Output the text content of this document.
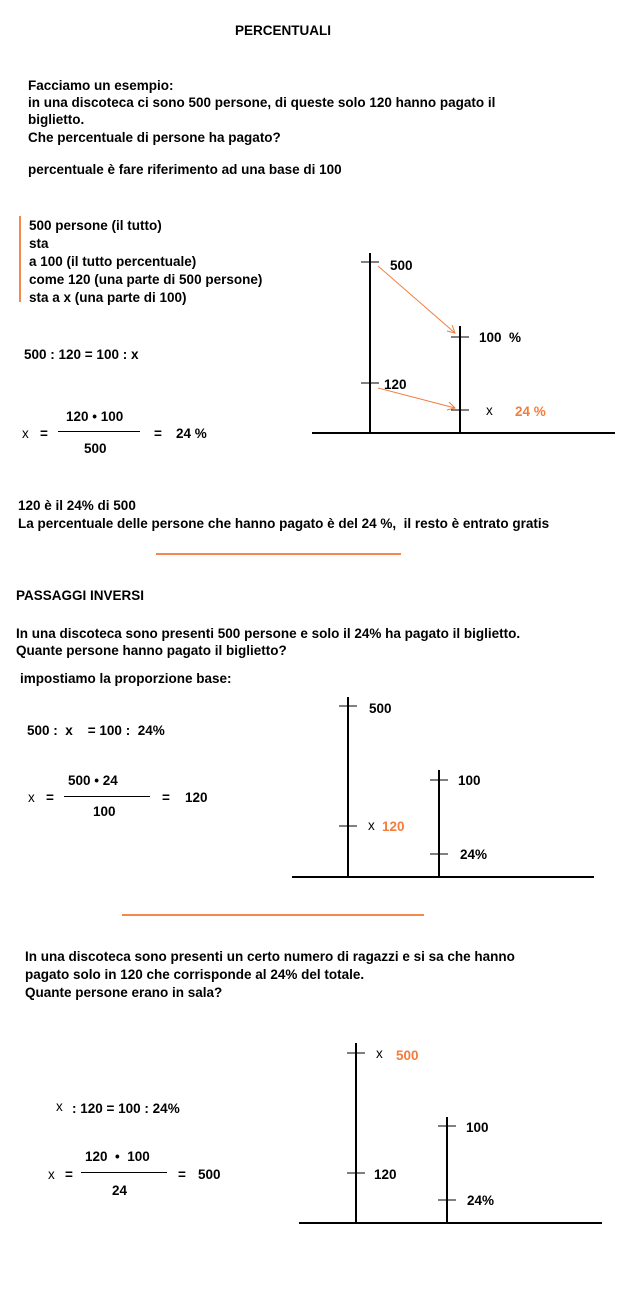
PERCENTUALI
Facciamo un esempio:
in una discoteca ci sono 500 persone, di queste solo 120 hanno pagato il
biglietto.
Che percentuale di persone ha pagato?
percentuale è fare riferimento ad una base di 100
500 persone (il tutto)
sta
a 100 (il tutto percentuale)
come 120 (una parte di 500 persone)
sta a x (una parte di 100)
500 : 120 = 100 : x
x =
120 • 100
500
= 24 %
500
120
100  %
x 24 %
120 è il 24% di 500
La percentuale delle persone che hanno pagato è del 24 %,  il resto è entrato gratis
PASSAGGI INVERSI
In una discoteca sono presenti 500 persone e solo il 24% ha pagato il biglietto.
Quante persone hanno pagato il biglietto?
impostiamo la proporzione base:
500 :  x    = 100 :  24%
x =
500 • 24
100
= 120
500
x 120
100
24%
In una discoteca sono presenti un certo numero di ragazzi e si sa che hanno
pagato solo in 120 che corrisponde al 24% del totale.
Quante persone erano in sala?
x : 120 = 100 : 24%
x =
120  •  100
24
= 500
x 500
120
100
24%
